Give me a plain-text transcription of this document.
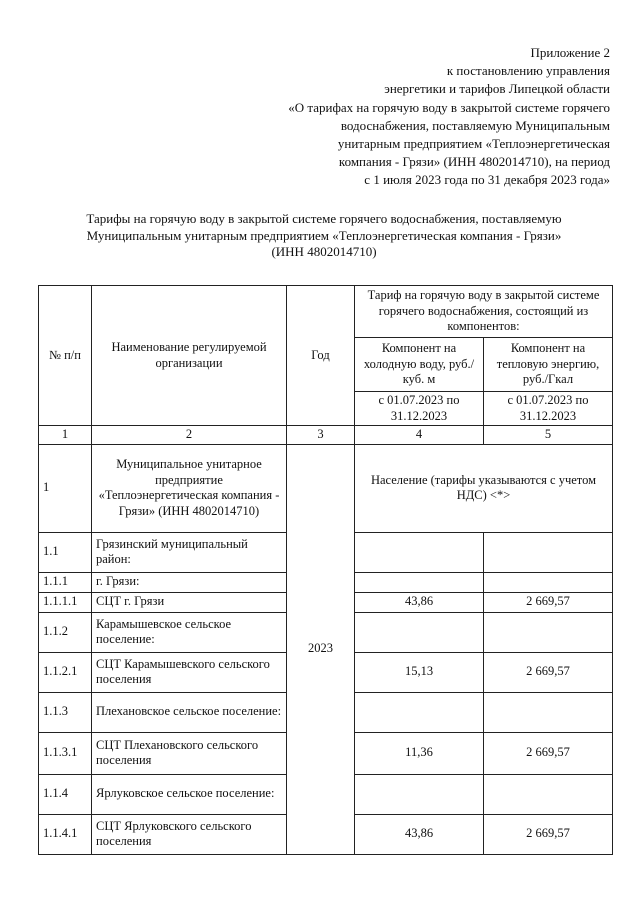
Приложение 2
к постановлению управления
энергетики и тарифов Липецкой области
«О тарифах на горячую воду в закрытой системе горячего
водоснабжения, поставляемую Муниципальным
унитарным предприятием «Теплоэнергетическая
компания - Грязи» (ИНН 4802014710), на период
с 1 июля 2023 года по 31 декабря 2023 года»
Тарифы на горячую воду в закрытой системе горячего водоснабжения, поставляемую
Муниципальным унитарным предприятием «Теплоэнергетическая компания - Грязи»
(ИНН 4802014710)
№ п/п	Наименование регулируемой организации	Год	Тариф на горячую воду в закрытой системе горячего водоснабжения, состоящий из компонентов:	
			Компонент на холодную воду, руб./куб. м	Компонент на тепловую энергию, руб./Гкал
			с 01.07.2023 по 31.12.2023	с 01.07.2023 по 31.12.2023
1	2	3	4	5
1	Муниципальное унитарное предприятие «Теплоэнергетическая компания - Грязи» (ИНН 4802014710)	2023	Население (тарифы указываются с учетом НДС) <*>	
1.1	Грязинский муниципальный район:			
1.1.1	г. Грязи:			
1.1.1.1	СЦТ г. Грязи		43,86	2 669,57
1.1.2	Карамышевское сельское поселение:			
1.1.2.1	СЦТ Карамышевского сельского поселения		15,13	2 669,57
1.1.3	Плехановское сельское поселение:			
1.1.3.1	СЦТ Плехановского сельского поселения		11,36	2 669,57
1.1.4	Ярлуковское сельское поселение:			
1.1.4.1	СЦТ Ярлуковского сельского поселения		43,86	2 669,57
